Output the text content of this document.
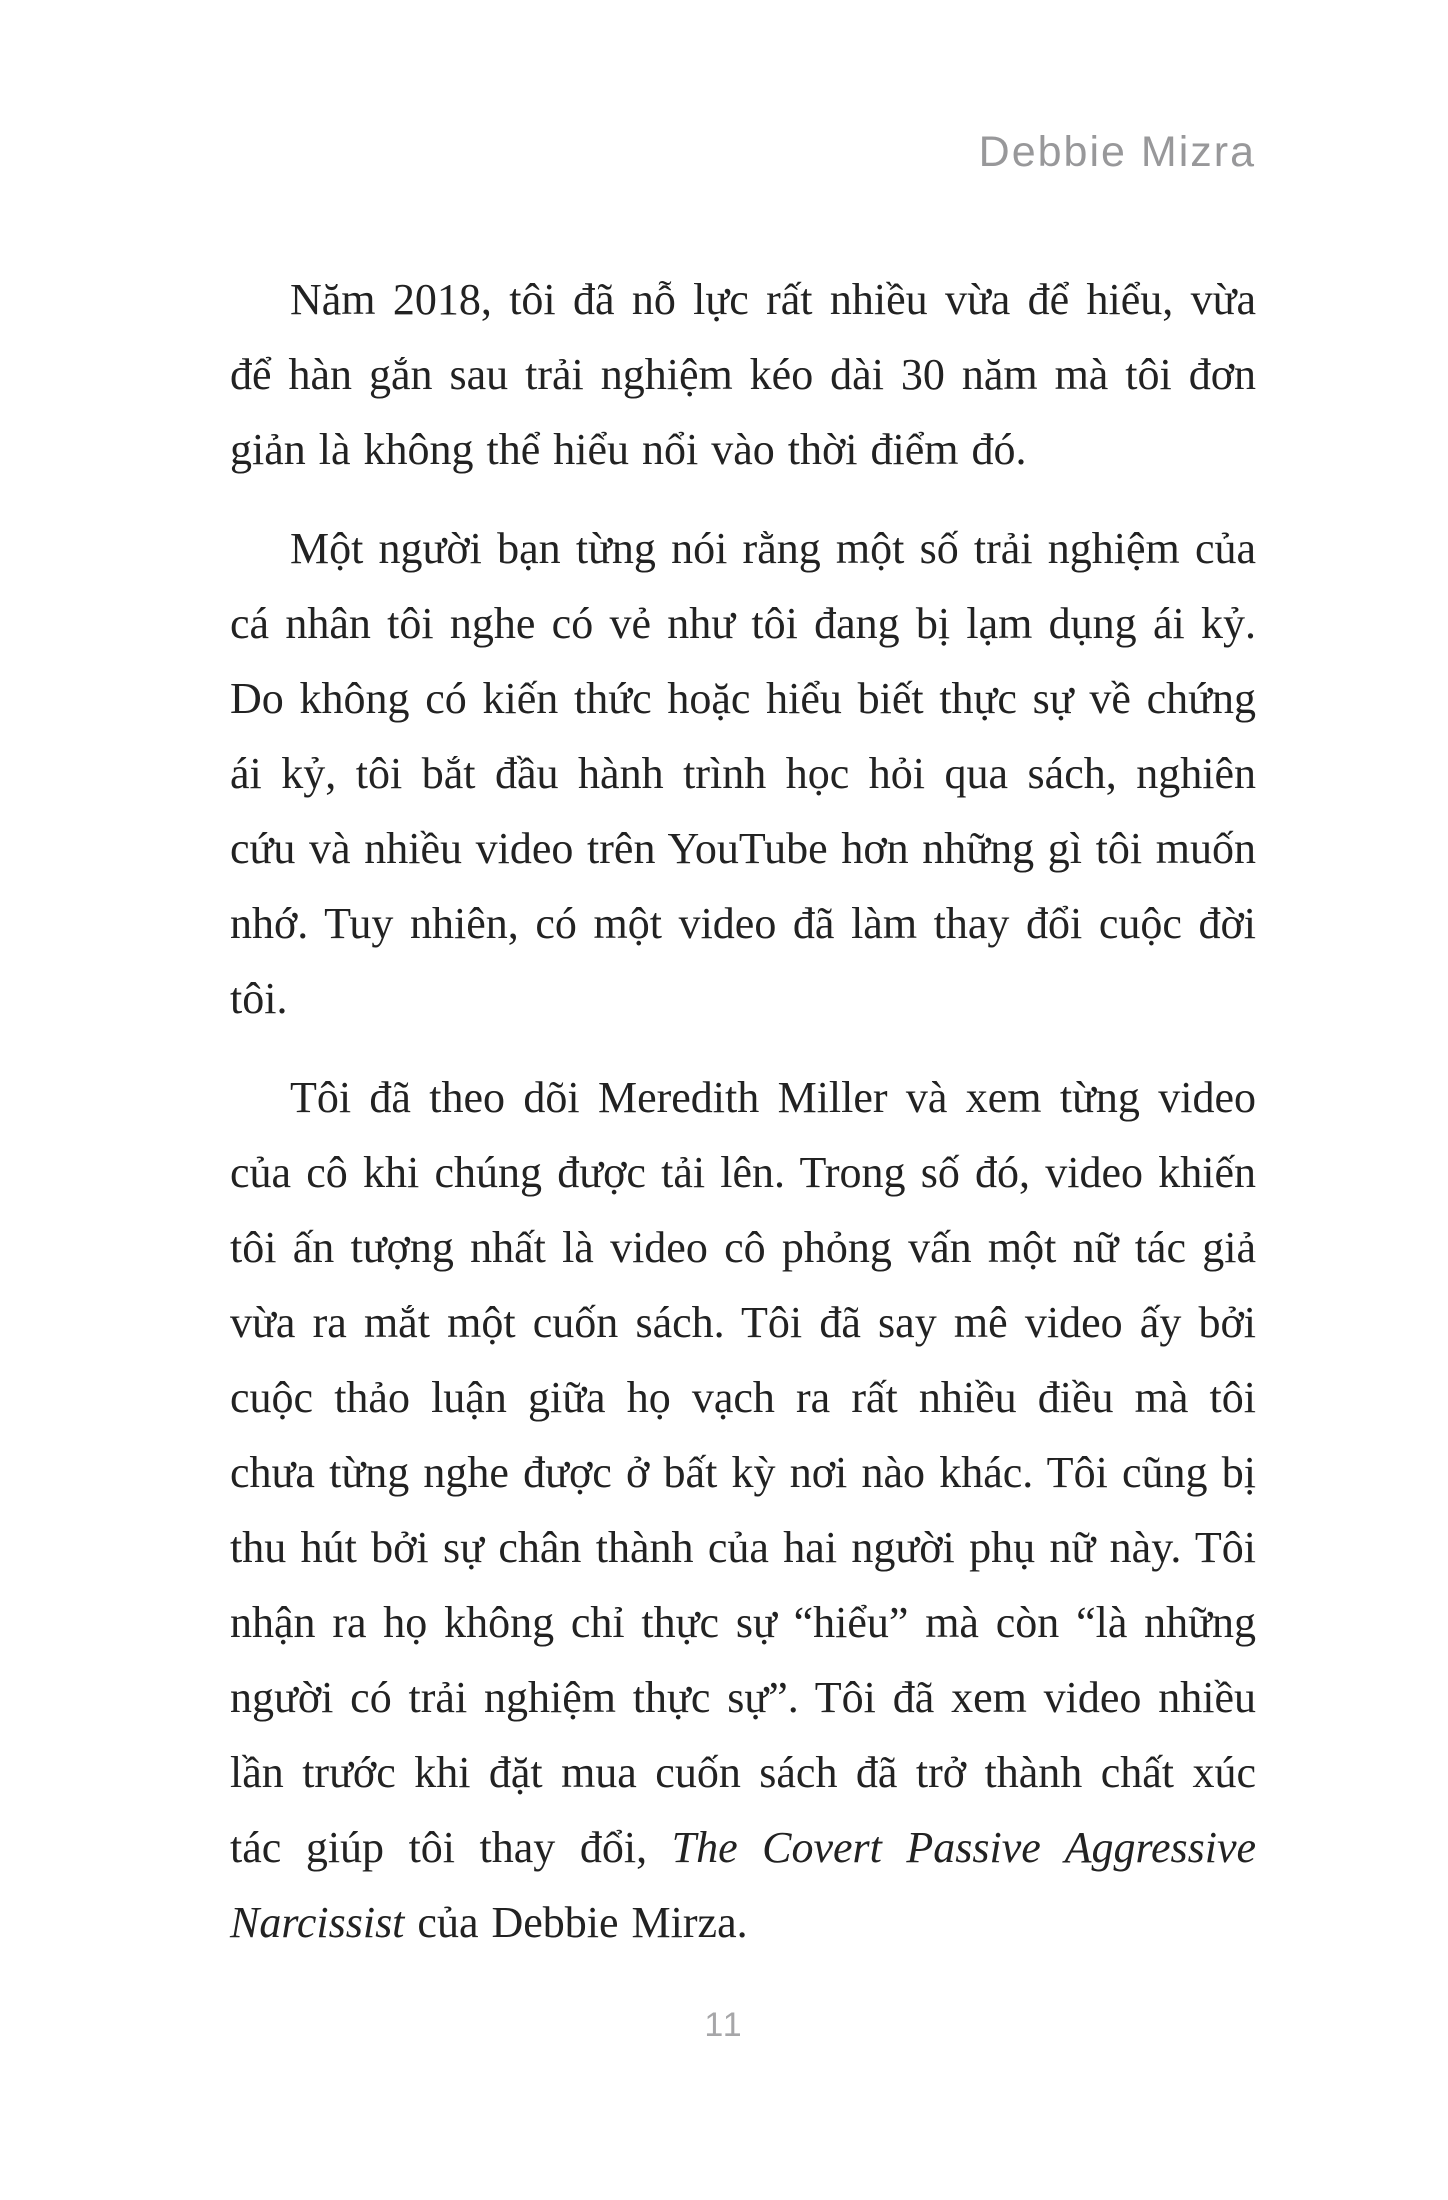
Debbie Mizra

Năm 2018, tôi đã nỗ lực rất nhiều vừa để hiểu, vừa để hàn gắn sau trải nghiệm kéo dài 30 năm mà tôi đơn giản là không thể hiểu nổi vào thời điểm đó.

Một người bạn từng nói rằng một số trải nghiệm của cá nhân tôi nghe có vẻ như tôi đang bị lạm dụng ái kỷ. Do không có kiến thức hoặc hiểu biết thực sự về chứng ái kỷ, tôi bắt đầu hành trình học hỏi qua sách, nghiên cứu và nhiều video trên YouTube hơn những gì tôi muốn nhớ. Tuy nhiên, có một video đã làm thay đổi cuộc đời tôi.

Tôi đã theo dõi Meredith Miller và xem từng video của cô khi chúng được tải lên. Trong số đó, video khiến tôi ấn tượng nhất là video cô phỏng vấn một nữ tác giả vừa ra mắt một cuốn sách. Tôi đã say mê video ấy bởi cuộc thảo luận giữa họ vạch ra rất nhiều điều mà tôi chưa từng nghe được ở bất kỳ nơi nào khác. Tôi cũng bị thu hút bởi sự chân thành của hai người phụ nữ này. Tôi nhận ra họ không chỉ thực sự “hiểu” mà còn “là những người có trải nghiệm thực sự”. Tôi đã xem video nhiều lần trước khi đặt mua cuốn sách đã trở thành chất xúc tác giúp tôi thay đổi, The Covert Passive Aggressive Narcissist của Debbie Mirza.

11
